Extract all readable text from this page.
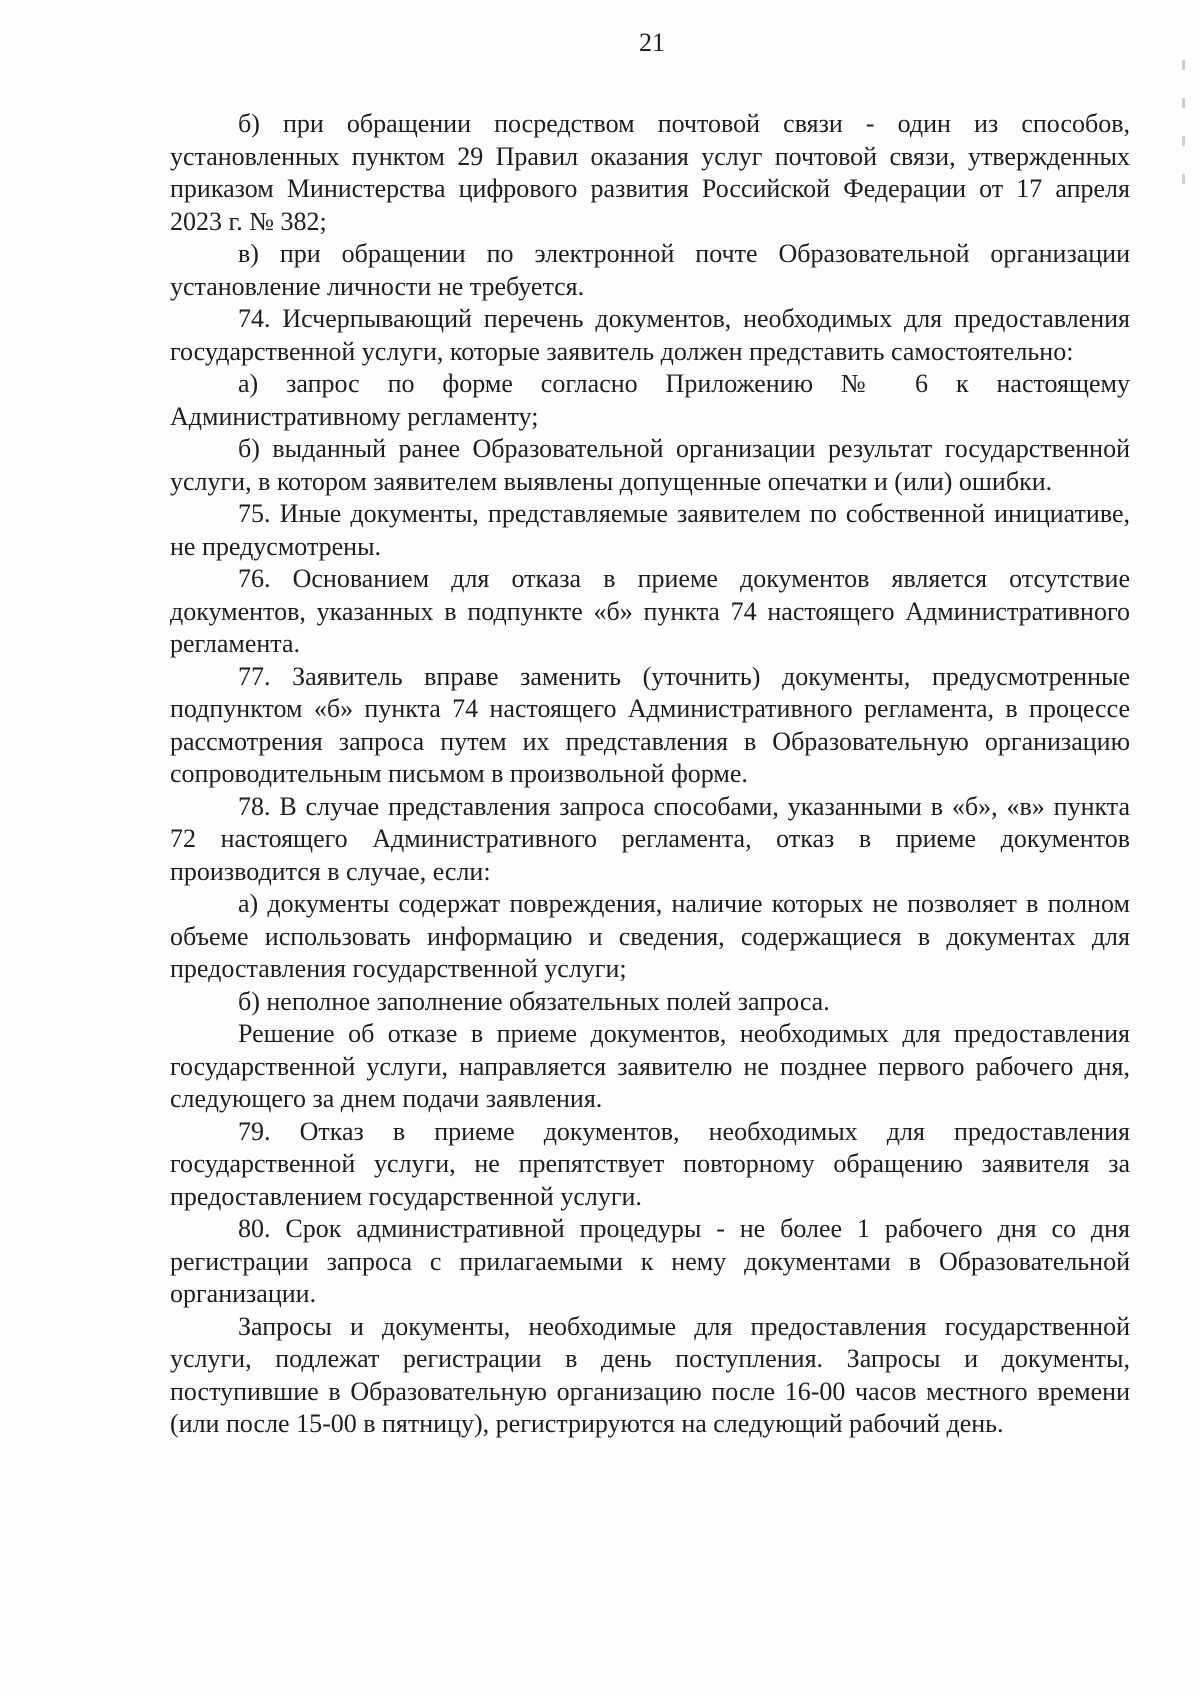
21

б) при обращении посредством почтовой связи - один из способов, установленных пунктом 29 Правил оказания услуг почтовой связи, утвержденных приказом Министерства цифрового развития Российской Федерации от 17 апреля 2023 г. № 382;

в) при обращении по электронной почте Образовательной организации установление личности не требуется.

74. Исчерпывающий перечень документов, необходимых для предоставления государственной услуги, которые заявитель должен представить самостоятельно:

а) запрос по форме согласно Приложению № 6 к настоящему Административному регламенту;

б) выданный ранее Образовательной организации результат государственной услуги, в котором заявителем выявлены допущенные опечатки и (или) ошибки.

75. Иные документы, представляемые заявителем по собственной инициативе, не предусмотрены.

76. Основанием для отказа в приеме документов является отсутствие документов, указанных в подпункте «б» пункта 74 настоящего Административного регламента.

77. Заявитель вправе заменить (уточнить) документы, предусмотренные подпунктом «б» пункта 74 настоящего Административного регламента, в процессе рассмотрения запроса путем их представления в Образовательную организацию сопроводительным письмом в произвольной форме.

78. В случае представления запроса способами, указанными в «б», «в» пункта 72 настоящего Административного регламента, отказ в приеме документов производится в случае, если:

а) документы содержат повреждения, наличие которых не позволяет в полном объеме использовать информацию и сведения, содержащиеся в документах для предоставления государственной услуги;

б) неполное заполнение обязательных полей запроса.

Решение об отказе в приеме документов, необходимых для предоставления государственной услуги, направляется заявителю не позднее первого рабочего дня, следующего за днем подачи заявления.

79. Отказ в приеме документов, необходимых для предоставления государственной услуги, не препятствует повторному обращению заявителя за предоставлением государственной услуги.

80. Срок административной процедуры - не более 1 рабочего дня со дня регистрации запроса с прилагаемыми к нему документами в Образовательной организации.

Запросы и документы, необходимые для предоставления государственной услуги, подлежат регистрации в день поступления. Запросы и документы, поступившие в Образовательную организацию после 16-00 часов местного времени (или после 15-00 в пятницу), регистрируются на следующий рабочий день.
